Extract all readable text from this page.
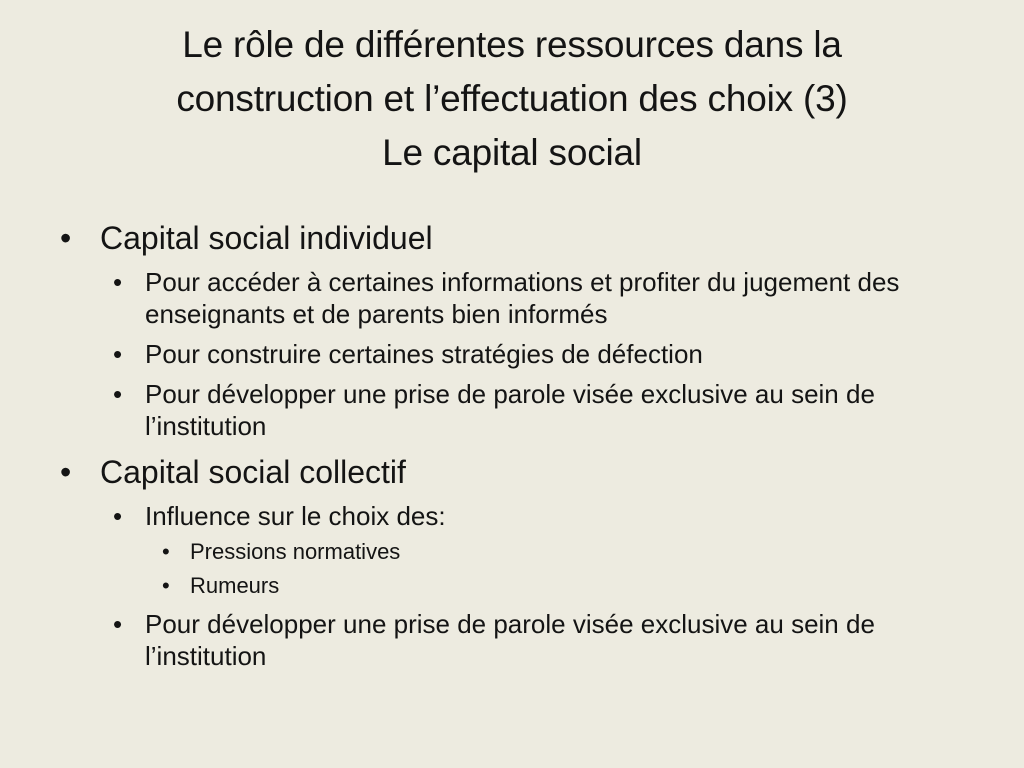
Le rôle de différentes ressources dans la
construction et l’effectuation des choix (3)
Le capital social
• Capital social individuel
• Pour accéder à certaines informations et profiter du jugement des enseignants et de parents bien informés
• Pour construire certaines stratégies de défection
• Pour développer une prise de parole visée exclusive au sein de l’institution
• Capital social collectif
• Influence sur le choix des:
• Pressions normatives
• Rumeurs
• Pour développer une prise de parole visée exclusive au sein de l’institution
